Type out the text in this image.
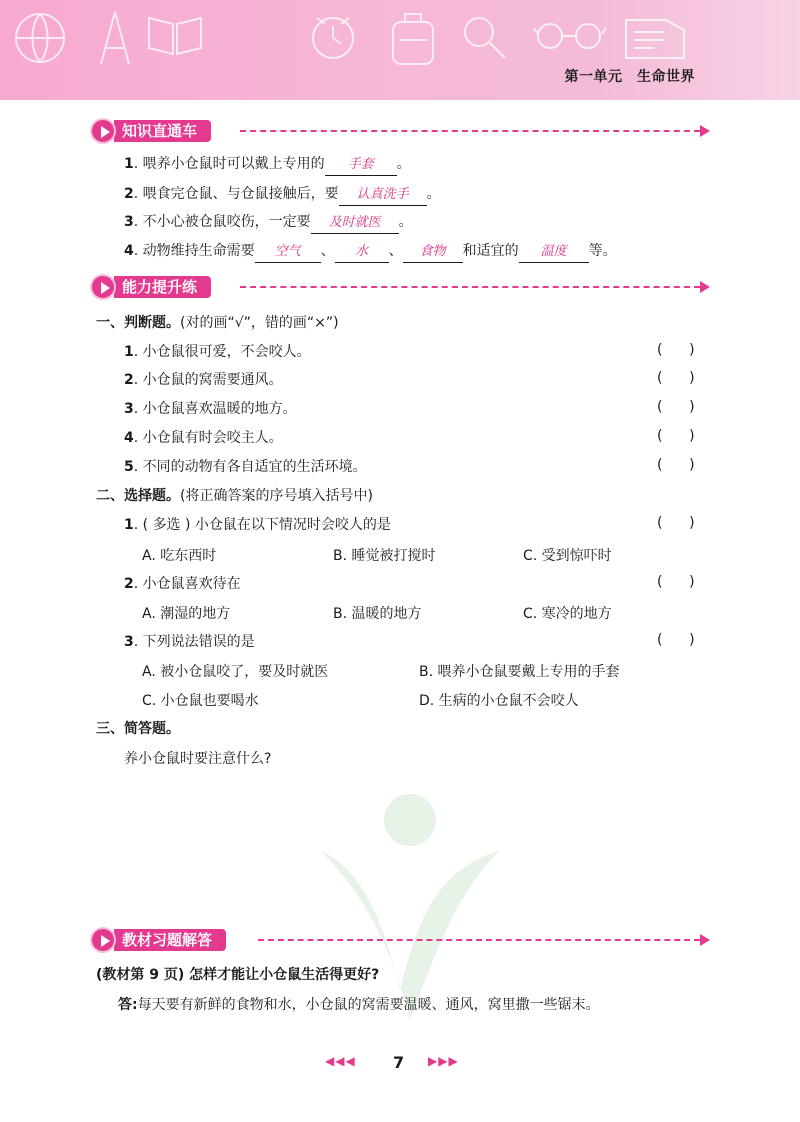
第一单元　生命世界
知识直通车
1. 喂养小仓鼠时可以戴上专用的 手套 。
2. 喂食完仓鼠、与仓鼠接触后，要 认真洗手 。
3. 不小心被仓鼠咬伤，一定要 及时就医 。
4. 动物维持生命需要 空气 、 水 、 食物 和适宜的 温度 等。
能力提升练
一、判断题。(对的画“√”，错的画“×”)
1. 小仓鼠很可爱，不会咬人。	(      )
2. 小仓鼠的窝需要通风。	(      )
3. 小仓鼠喜欢温暖的地方。	(      )
4. 小仓鼠有时会咬主人。	(      )
5. 不同的动物有各自适宜的生活环境。	(      )
二、选择题。(将正确答案的序号填入括号中)
1. ( 多选 ) 小仓鼠在以下情况时会咬人的是	(      )
A. 吃东西时	B. 睡觉被打搅时	C. 受到惊吓时
2. 小仓鼠喜欢待在	(      )
A. 潮湿的地方	B. 温暖的地方	C. 寒冷的地方
3. 下列说法错误的是	(      )
A. 被小仓鼠咬了，要及时就医	B. 喂养小仓鼠要戴上专用的手套
C. 小仓鼠也要喝水	D. 生病的小仓鼠不会咬人
三、简答题。
养小仓鼠时要注意什么?
教材习题解答
(教材第 9 页) 怎样才能让小仓鼠生活得更好?
答:每天要有新鲜的食物和水，小仓鼠的窝需要温暖、通风，窝里撒一些锯末。
◀◀◀ 7 ▶▶▶
